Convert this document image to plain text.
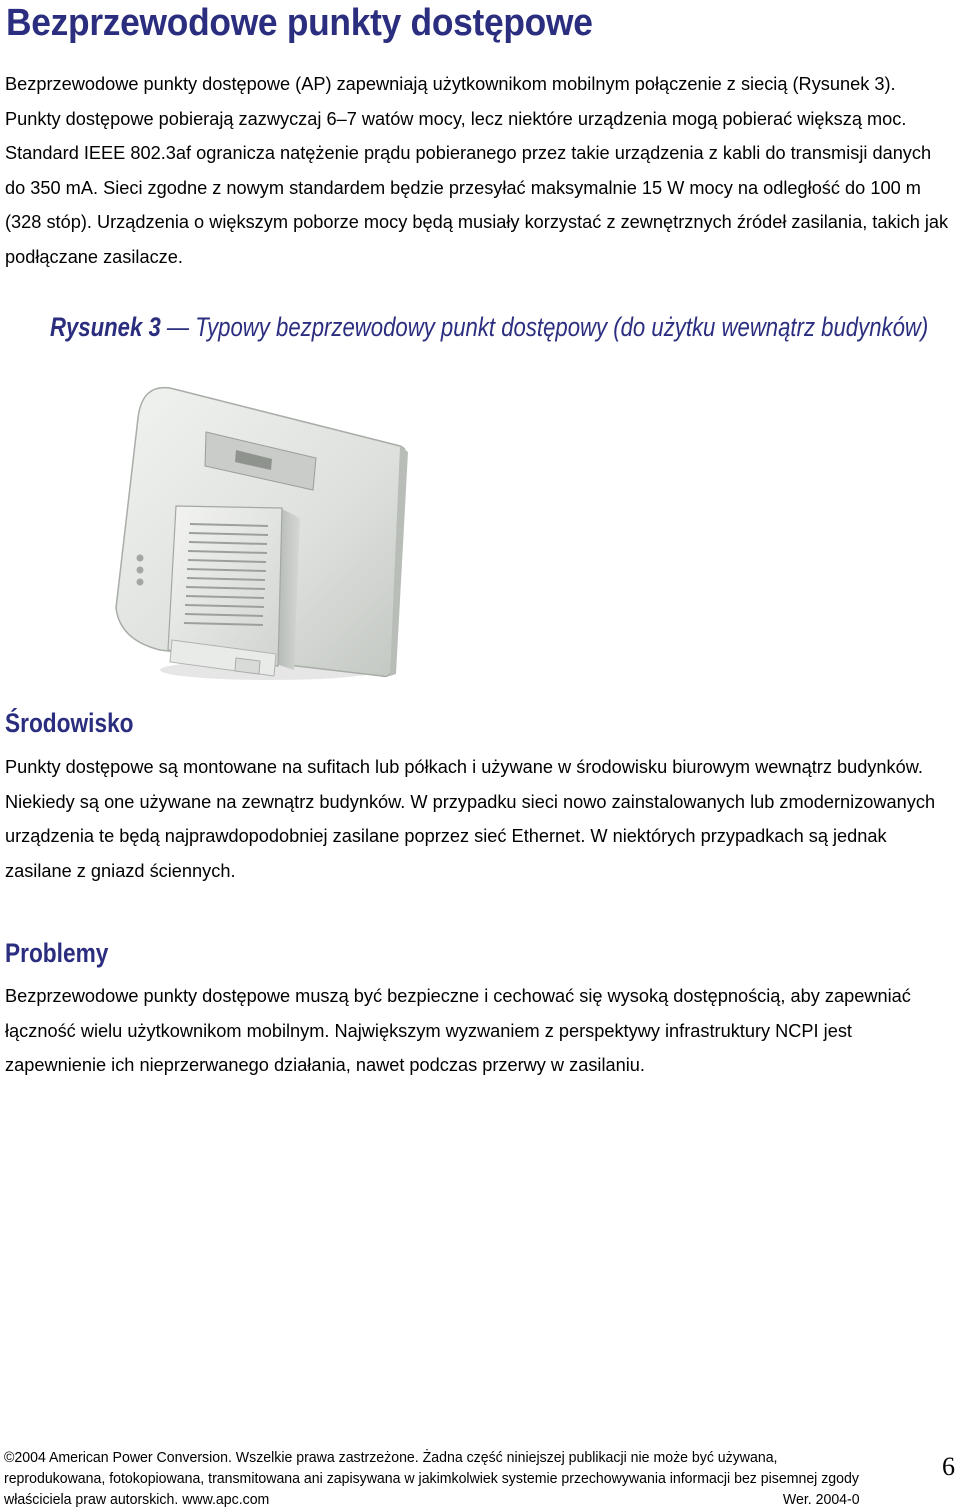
Bezprzewodowe punkty dostępowe

Bezprzewodowe punkty dostępowe (AP) zapewniają użytkownikom mobilnym połączenie z siecią (Rysunek 3). Punkty dostępowe pobierają zazwyczaj 6–7 watów mocy, lecz niektóre urządzenia mogą pobierać większą moc. Standard IEEE 802.3af ogranicza natężenie prądu pobieranego przez takie urządzenia z kabli do transmisji danych do 350 mA. Sieci zgodne z nowym standardem będzie przesyłać maksymalnie 15 W mocy na odległość do 100 m (328 stóp). Urządzenia o większym poborze mocy będą musiały korzystać z zewnętrznych źródeł zasilania, takich jak podłączane zasilacze.

Rysunek 3 — Typowy bezprzewodowy punkt dostępowy (do użytku wewnątrz budynków)

Środowisko

Punkty dostępowe są montowane na sufitach lub półkach i używane w środowisku biurowym wewnątrz budynków. Niekiedy są one używane na zewnątrz budynków. W przypadku sieci nowo zainstalowanych lub zmodernizowanych urządzenia te będą najprawdopodobniej zasilane poprzez sieć Ethernet. W niektórych przypadkach są jednak zasilane z gniazd ściennych.

Problemy

Bezprzewodowe punkty dostępowe muszą być bezpieczne i cechować się wysoką dostępnością, aby zapewniać łączność wielu użytkownikom mobilnym. Największym wyzwaniem z perspektywy infrastruktury NCPI jest zapewnienie ich nieprzerwanego działania, nawet podczas przerwy w zasilaniu.

©2004 American Power Conversion. Wszelkie prawa zastrzeżone. Żadna część niniejszej publikacji nie może być używana, reprodukowana, fotokopiowana, transmitowana ani zapisywana w jakimkolwiek systemie przechowywania informacji bez pisemnej zgody właściciela praw autorskich. www.apc.com	Wer. 2004-0

6
